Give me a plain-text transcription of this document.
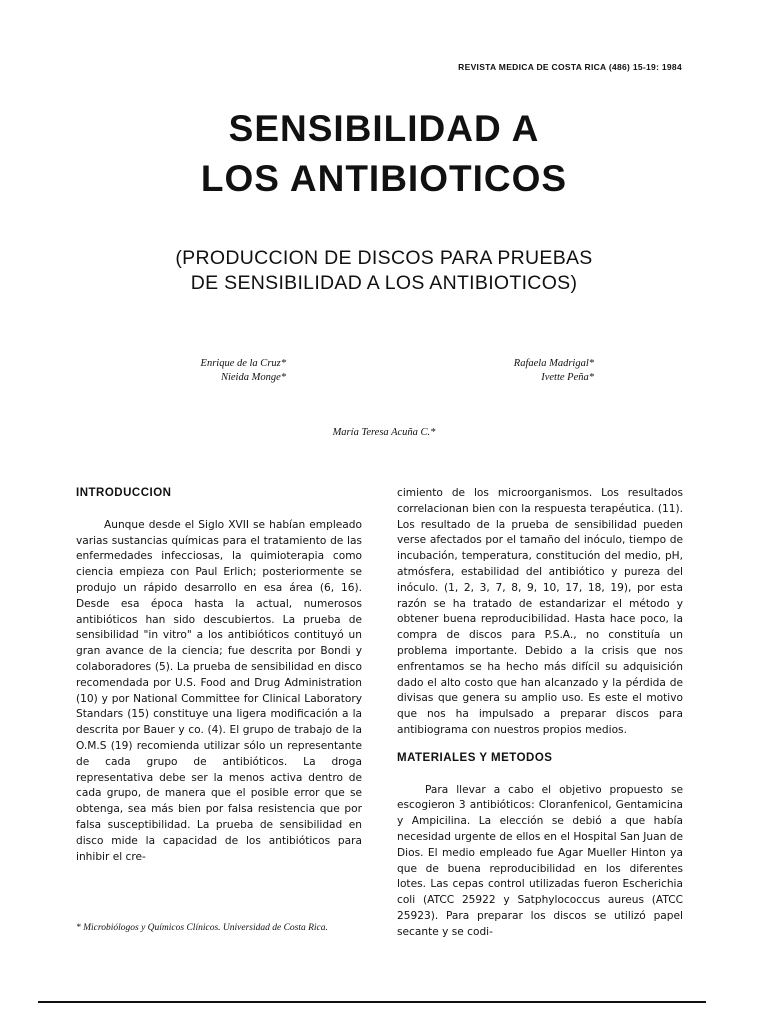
REVISTA MEDICA DE COSTA RICA (486) 15-19: 1984
SENSIBILIDAD A
LOS ANTIBIOTICOS
(PRODUCCION DE DISCOS PARA PRUEBAS
DE SENSIBILIDAD A LOS ANTIBIOTICOS)
Enrique de la Cruz*
Nieida Monge*
Rafaela Madrigal*
Ivette Peña*
María Teresa Acuña C.*
INTRODUCCION

Aunque desde el Siglo XVII se habían empleado varias sustancias químicas para el tratamiento de las enfermedades infecciosas, la quimioterapia como ciencia empieza con Paul Erlich; posteriormente se produjo un rápido desarrollo en esa área (6, 16). Desde esa época hasta la actual, numerosos antibióticos han sido descubiertos. La prueba de sensibilidad "in vitro" a los antibióticos contituyó un gran avance de la ciencia; fue descrita por Bondi y colaboradores (5). La prueba de sensibilidad en disco recomendada por U.S. Food and Drug Administration (10) y por National Committee for Clinical Laboratory Standars (15) constituye una ligera modificación a la descrita por Bauer y co. (4). El grupo de trabajo de la O.M.S (19) recomienda utilizar sólo un representante de cada grupo de antibióticos. La droga representativa debe ser la menos activa dentro de cada grupo, de manera que el posible error que se obtenga, sea más bien por falsa resistencia que por falsa susceptibilidad. La prueba de sensibilidad en disco mide la capacidad de los antibióticos para inhibir el cre-

cimiento de los microorganismos. Los resultados correlacionan bien con la respuesta terapéutica. (11). Los resultado de la prueba de sensibilidad pueden verse afectados por el tamaño del inóculo, tiempo de incubación, temperatura, constitución del medio, pH, atmósfera, estabilidad del antibiótico y pureza del inóculo. (1, 2, 3, 7, 8, 9, 10, 17, 18, 19), por esta razón se ha tratado de estandarizar el método y obtener buena reproducibilidad. Hasta hace poco, la compra de discos para P.S.A., no constituía un problema importante. Debido a la crisis que nos enfrentamos se ha hecho más difícil su adquisición dado el alto costo que han alcanzado y la pérdida de divisas que genera su amplio uso. Es este el motivo que nos ha impulsado a preparar discos para antibiograma con nuestros propios medios.

MATERIALES Y METODOS

Para llevar a cabo el objetivo propuesto se escogieron 3 antibióticos: Cloranfenicol, Gentamicina y Ampicilina. La elección se debió a que había necesidad urgente de ellos en el Hospital San Juan de Dios. El medio empleado fue Agar Mueller Hinton ya que de buena reproducibilidad en los diferentes lotes. Las cepas control utilizadas fueron Escherichia coli (ATCC 25922 y Satphylococcus aureus (ATCC 25923). Para preparar los discos se utilizó papel secante y se codi-

* Microbiólogos y Químicos Clínicos. Universidad de Costa Rica.
